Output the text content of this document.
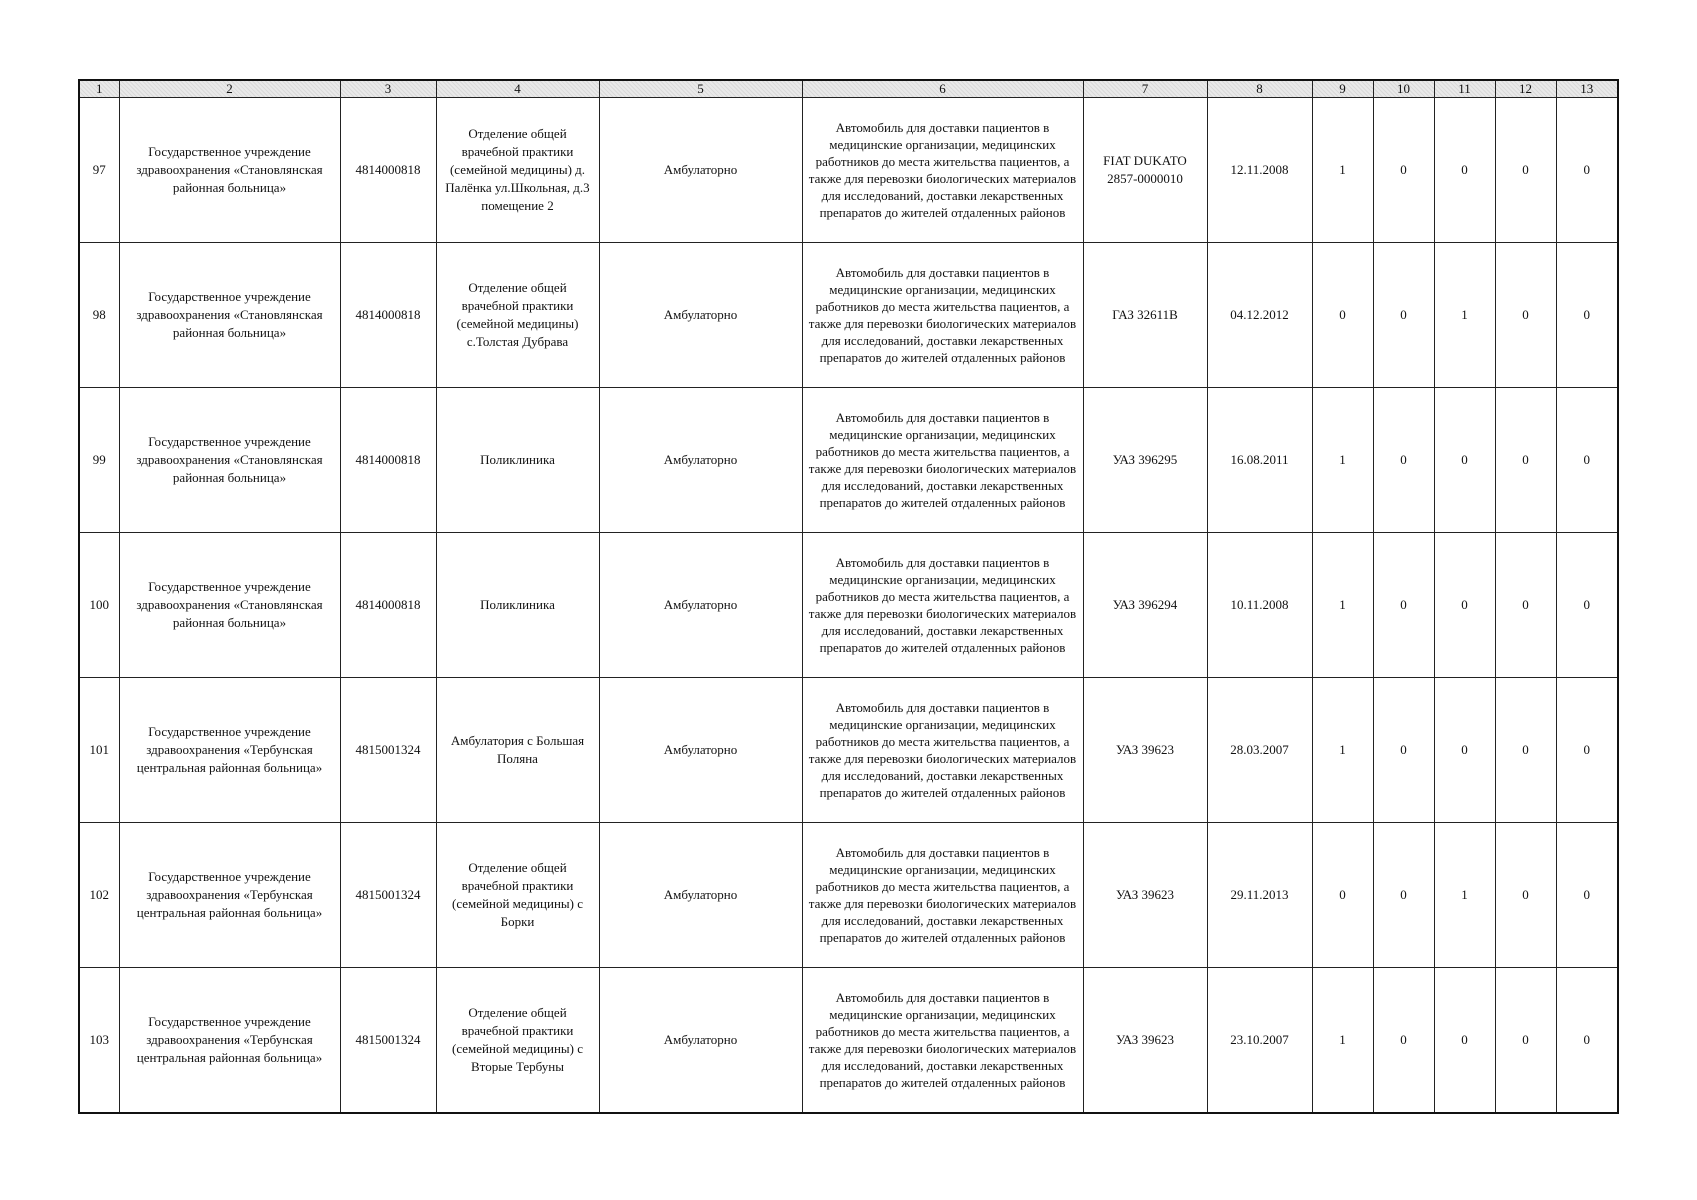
1	2	3	4	5	6	7	8	9	10	11	12	13
97	Государственное учреждение здравоохранения «Становлянская районная больница»	4814000818	Отделение общей врачебной практики (семейной медицины) д. Палёнка ул.Школьная, д.3 помещение 2	Амбулаторно	Автомобиль для доставки пациентов в медицинские организации, медицинских работников до места жительства пациентов, а также для перевозки биологических материалов для исследований, доставки лекарственных препаратов до жителей отдаленных районов	FIAT DUKATO 2857-0000010	12.11.2008	1	0	0	0	0
98	Государственное учреждение здравоохранения «Становлянская районная больница»	4814000818	Отделение общей врачебной практики (семейной медицины) с.Толстая Дубрава	Амбулаторно	Автомобиль для доставки пациентов в медицинские организации, медицинских работников до места жительства пациентов, а также для перевозки биологических материалов для исследований, доставки лекарственных препаратов до жителей отдаленных районов	ГАЗ 32611В	04.12.2012	0	0	1	0	0
99	Государственное учреждение здравоохранения «Становлянская районная больница»	4814000818	Поликлиника	Амбулаторно	Автомобиль для доставки пациентов в медицинские организации, медицинских работников до места жительства пациентов, а также для перевозки биологических материалов для исследований, доставки лекарственных препаратов до жителей отдаленных районов	УАЗ 396295	16.08.2011	1	0	0	0	0
100	Государственное учреждение здравоохранения «Становлянская районная больница»	4814000818	Поликлиника	Амбулаторно	Автомобиль для доставки пациентов в медицинские организации, медицинских работников до места жительства пациентов, а также для перевозки биологических материалов для исследований, доставки лекарственных препаратов до жителей отдаленных районов	УАЗ 396294	10.11.2008	1	0	0	0	0
101	Государственное учреждение здравоохранения «Тербунская центральная районная больница»	4815001324	Амбулатория с Большая Поляна	Амбулаторно	Автомобиль для доставки пациентов в медицинские организации, медицинских работников до места жительства пациентов, а также для перевозки биологических материалов для исследований, доставки лекарственных препаратов до жителей отдаленных районов	УАЗ 39623	28.03.2007	1	0	0	0	0
102	Государственное учреждение здравоохранения «Тербунская центральная районная больница»	4815001324	Отделение общей врачебной практики (семейной медицины) с Борки	Амбулаторно	Автомобиль для доставки пациентов в медицинские организации, медицинских работников до места жительства пациентов, а также для перевозки биологических материалов для исследований, доставки лекарственных препаратов до жителей отдаленных районов	УАЗ 39623	29.11.2013	0	0	1	0	0
103	Государственное учреждение здравоохранения «Тербунская центральная районная больница»	4815001324	Отделение общей врачебной практики (семейной медицины) с Вторые Тербуны	Амбулаторно	Автомобиль для доставки пациентов в медицинские организации, медицинских работников до места жительства пациентов, а также для перевозки биологических материалов для исследований, доставки лекарственных препаратов до жителей отдаленных районов	УАЗ 39623	23.10.2007	1	0	0	0	0
